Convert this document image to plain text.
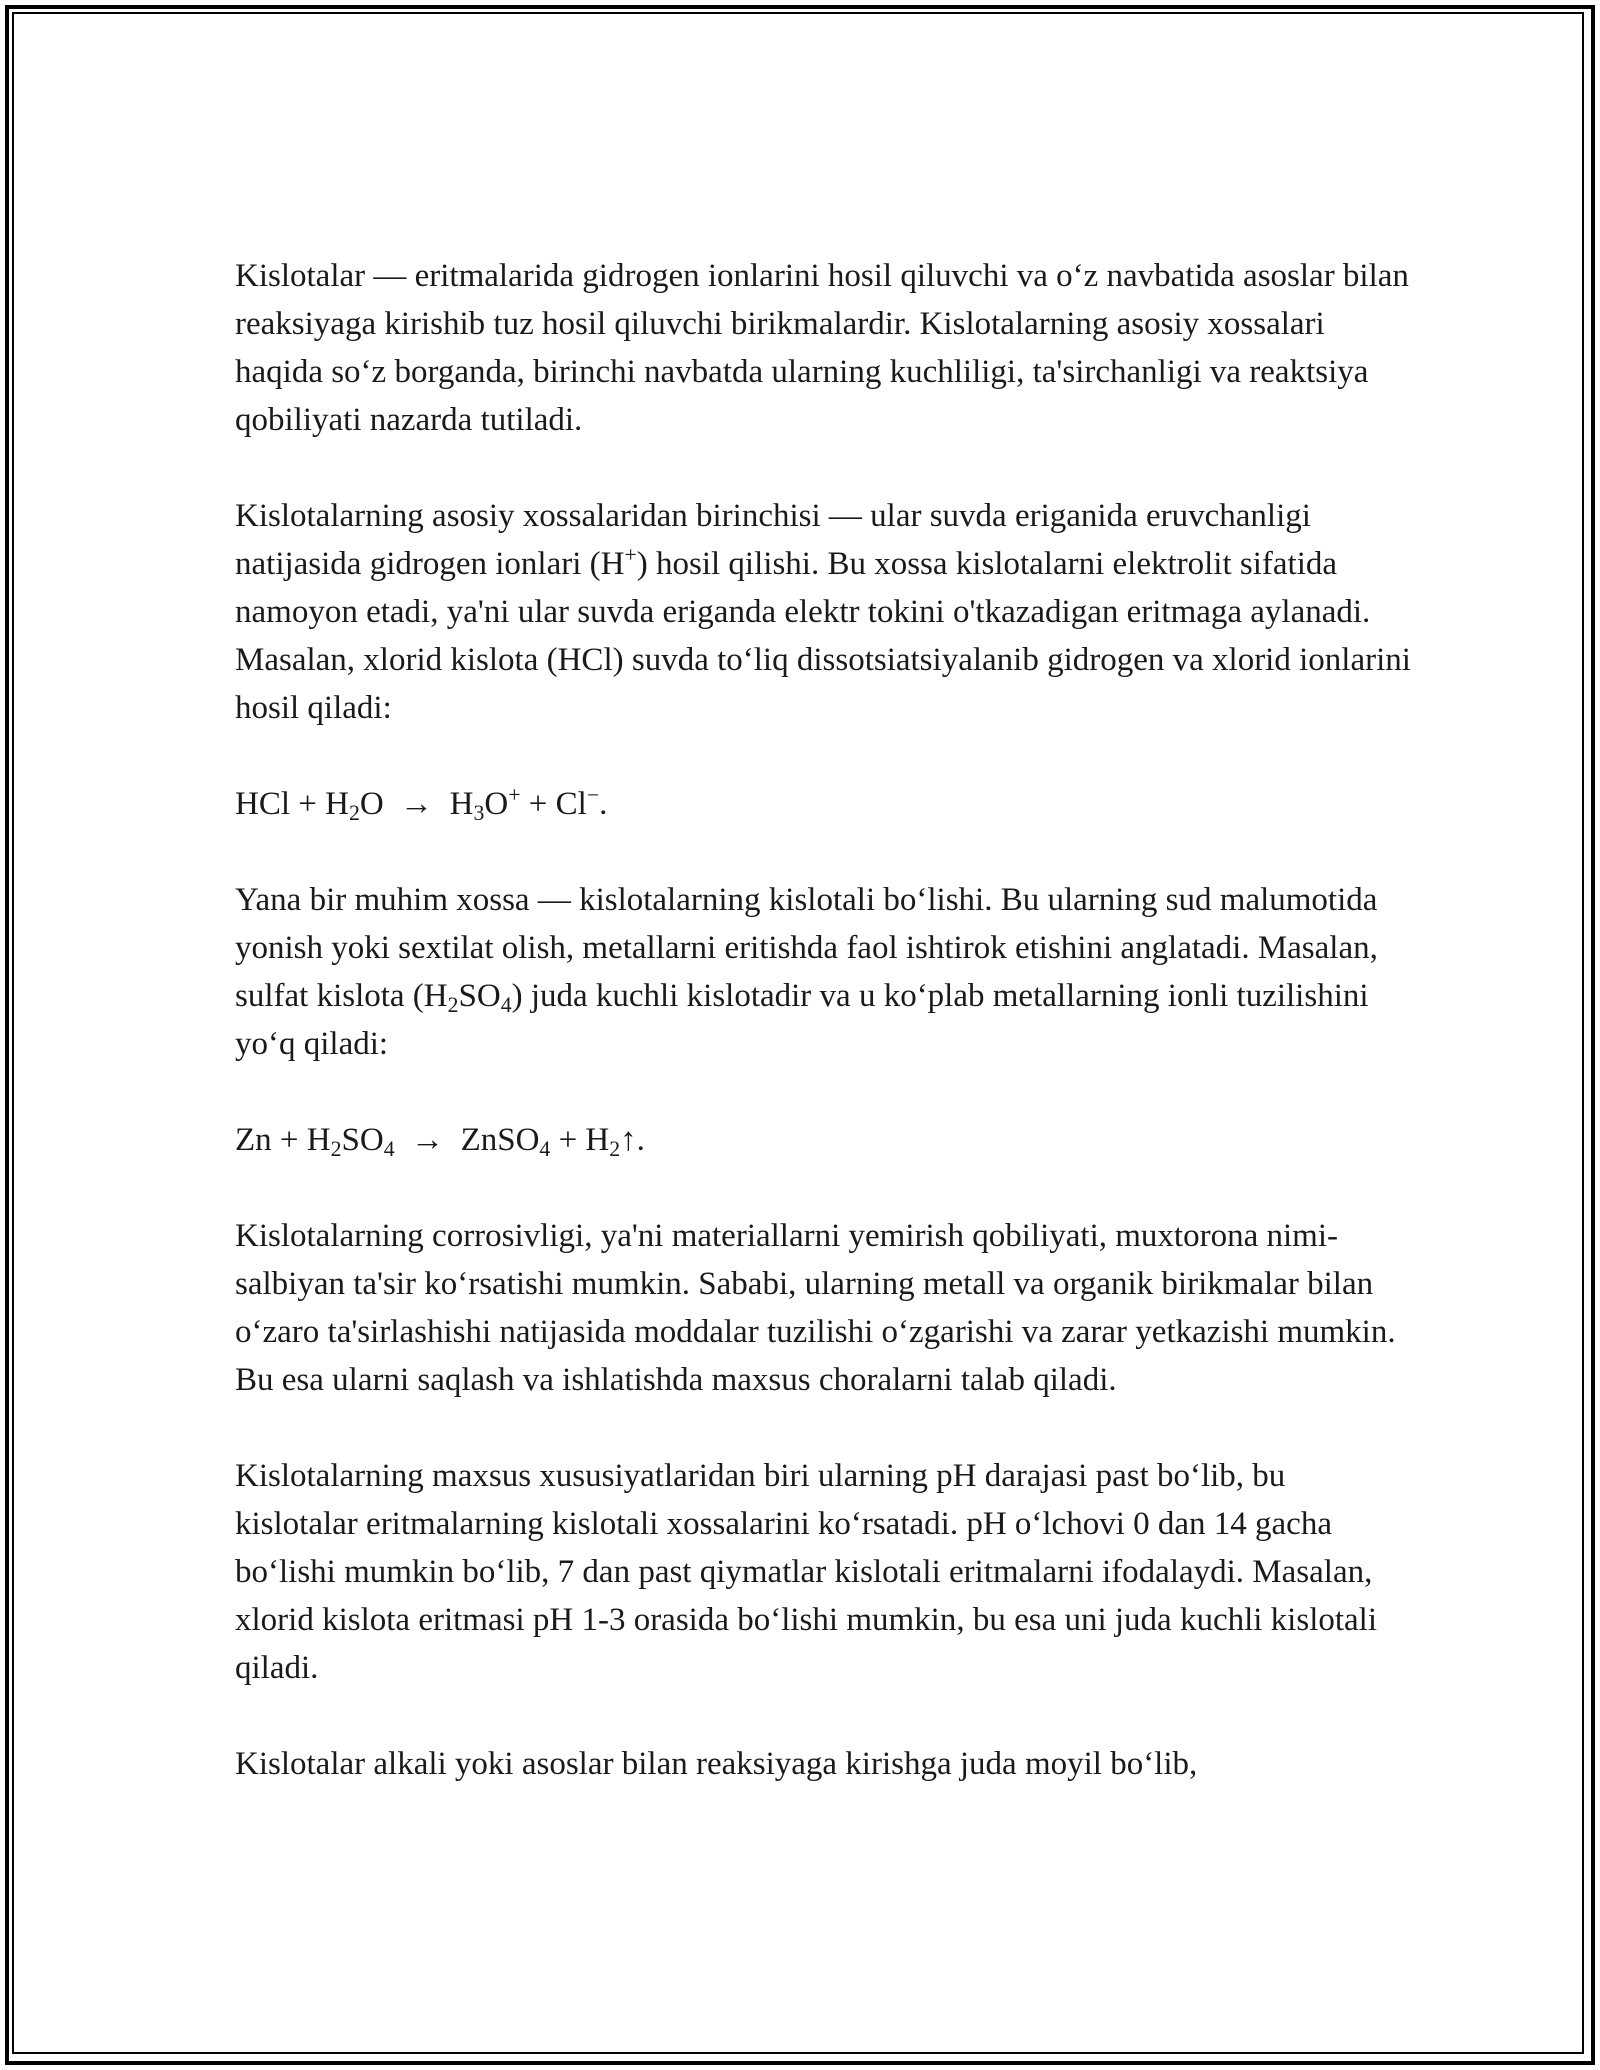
Kislotalar — eritmalarida gidrogen ionlarini hosil qiluvchi va o‘z navbatida asoslar bilan reaksiyaga kirishib tuz hosil qiluvchi birikmalardir. Kislotalarning asosiy xossalari haqida so‘z borganda, birinchi navbatda ularning kuchliligi, ta'sirchanligi va reaktsiya qobiliyati nazarda tutiladi.

Kislotalarning asosiy xossalaridan birinchisi — ular suvda eriganida eruvchanligi natijasida gidrogen ionlari (H+) hosil qilishi. Bu xossa kislotalarni elektrolit sifatida namoyon etadi, ya'ni ular suvda eriganda elektr tokini o'tkazadigan eritmaga aylanadi. Masalan, xlorid kislota (HCl) suvda to‘liq dissotsiatsiyalanib gidrogen va xlorid ionlarini hosil qiladi:

HCl + $H_2O \to H_3O^+ + Cl^-$.

Yana bir muhim xossa — kislotalarning kislotali bo‘lishi. Bu ularning sud malumotida yonish yoki sextilat olish, metallarni eritishda faol ishtirok etishini anglatadi. Masalan, sulfat kislota $(H_2SO_4)$ juda kuchli kislotadir va u ko‘plab metallarning ionli tuzilishini yo‘q qiladi:

$Zn + H_2SO_4$  →  ZnSO$_4$ + $H_2↑$.

Kislotalarning corrosivligi, ya'ni materiallarni yemirish qobiliyati, muxtorona nimi-salbiyan ta'sir ko‘rsatishi mumkin. Sababi, ularning metall va organik birikmalar bilan o‘zaro ta'sirlashishi natijasida moddalar tuzilishi o‘zgarishi va zarar yetkazishi mumkin. Bu esa ularni saqlash va ishlatishda maxsus choralarni talab qiladi.

Kislotalarning maxsus xususiyatlaridan biri ularning pH darajasi past bo‘lib, bu kislotalar eritmalarning kislotali xossalarini ko‘rsatadi. pH o‘lchovi 0 dan 14 gacha bo‘lishi mumkin bo‘lib, 7 dan past qiymatlar kislotali eritmalarni ifodalaydi. Masalan, xlorid kislota eritmasi pH 1-3 orasida bo‘lishi mumkin, bu esa uni juda kuchli kislotali qiladi.

Kislotalar alkali yoki asoslar bilan reaksiyaga kirishga juda moyil bo‘lib,
